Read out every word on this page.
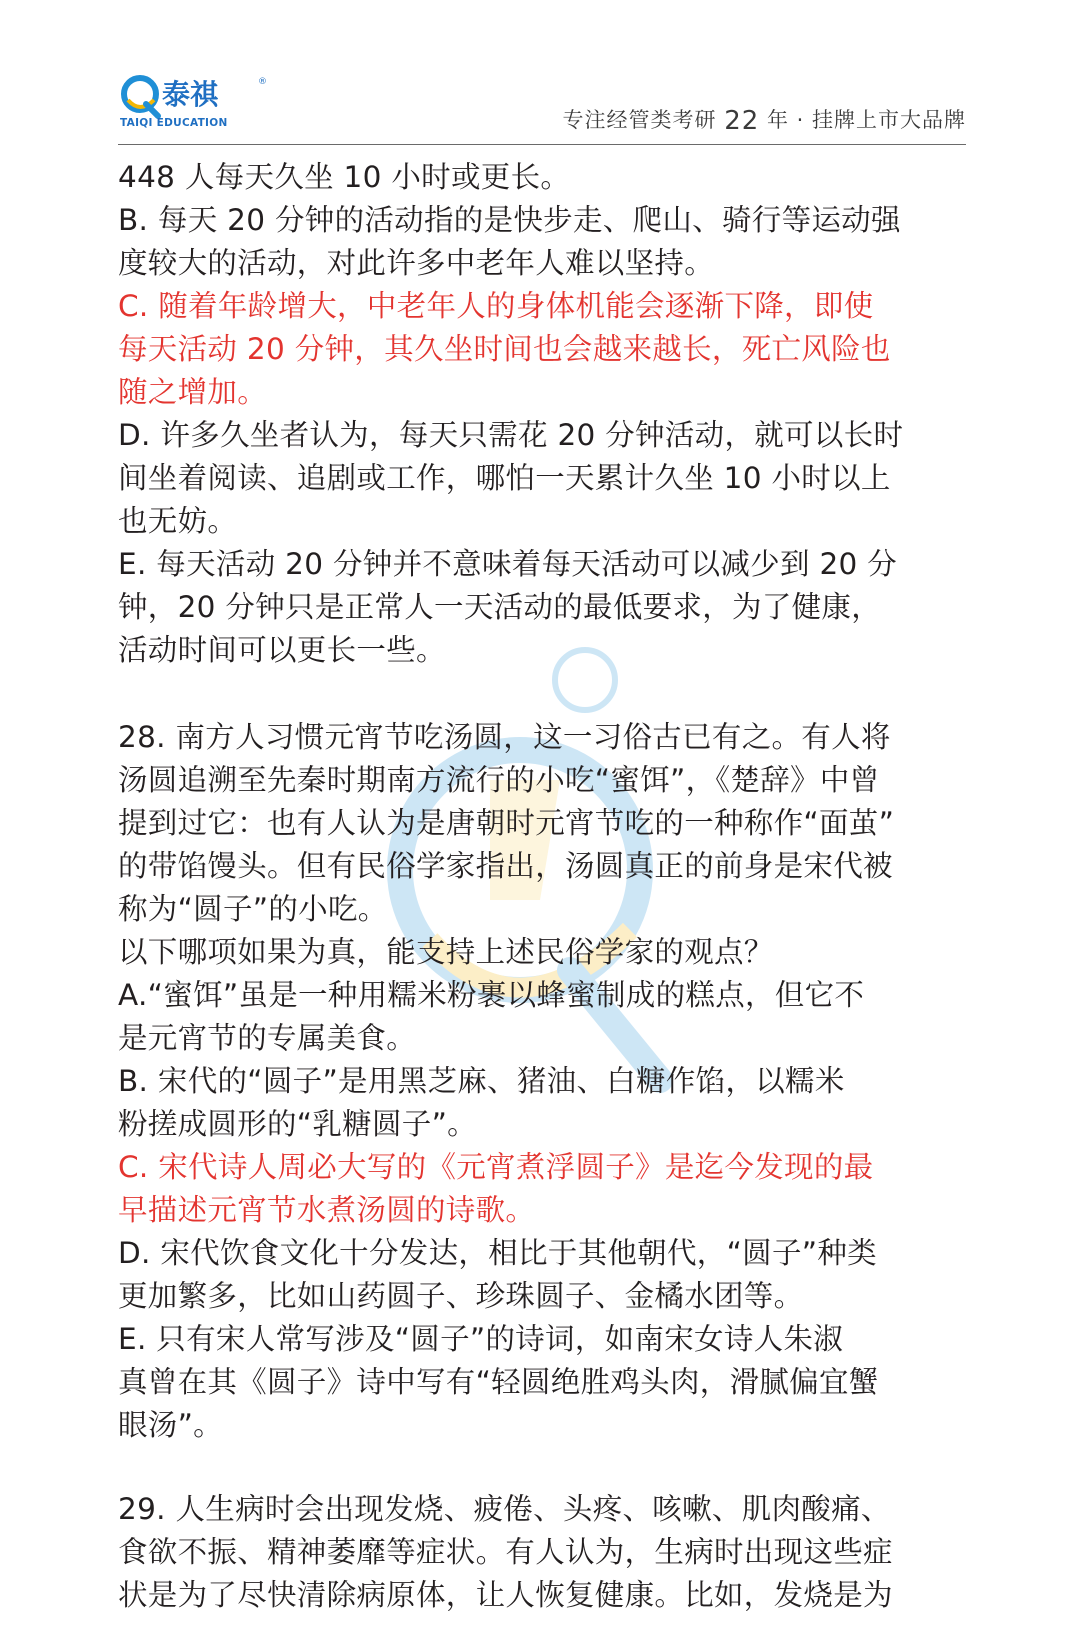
泰祺	®
TAIQI EDUCATION	专注经管类考研 22 年 · 挂牌上市大品牌
448 人每天久坐 10 小时或更长。
B. 每天 20 分钟的活动指的是快步走、爬山、骑行等运动强
度较大的活动，对此许多中老年人难以坚持。
C. 随着年龄增大，中老年人的身体机能会逐渐下降，即使
每天活动 20 分钟，其久坐时间也会越来越长，死亡风险也
随之增加。
D. 许多久坐者认为，每天只需花 20 分钟活动，就可以长时
间坐着阅读、追剧或工作，哪怕一天累计久坐 10 小时以上
也无妨。
E. 每天活动 20 分钟并不意味着每天活动可以减少到 20 分
钟，20 分钟只是正常人一天活动的最低要求，为了健康，
活动时间可以更长一些。
28. 南方人习惯元宵节吃汤圆，这一习俗古已有之。有人将
汤圆追溯至先秦时期南方流行的小吃“蜜饵”，《楚辞》中曾
提到过它：也有人认为是唐朝时元宵节吃的一种称作“面茧”
的带馅馒头。但有民俗学家指出，汤圆真正的前身是宋代被
称为“圆子”的小吃。
以下哪项如果为真，能支持上述民俗学家的观点？
A.“蜜饵”虽是一种用糯米粉裹以蜂蜜制成的糕点，但它不
是元宵节的专属美食。
B. 宋代的“圆子”是用黑芝麻、猪油、白糖作馅，以糯米
粉搓成圆形的“乳糖圆子”。
C. 宋代诗人周必大写的《元宵煮浮圆子》是迄今发现的最
早描述元宵节水煮汤圆的诗歌。
D. 宋代饮食文化十分发达，相比于其他朝代，“圆子”种类
更加繁多，比如山药圆子、珍珠圆子、金橘水团等。
E. 只有宋人常写涉及“圆子”的诗词，如南宋女诗人朱淑
真曾在其《圆子》诗中写有“轻圆绝胜鸡头肉，滑腻偏宜蟹
眼汤”。
29. 人生病时会出现发烧、疲倦、头疼、咳嗽、肌肉酸痛、
食欲不振、精神萎靡等症状。有人认为，生病时出现这些症
状是为了尽快清除病原体，让人恢复健康。比如，发烧是为
